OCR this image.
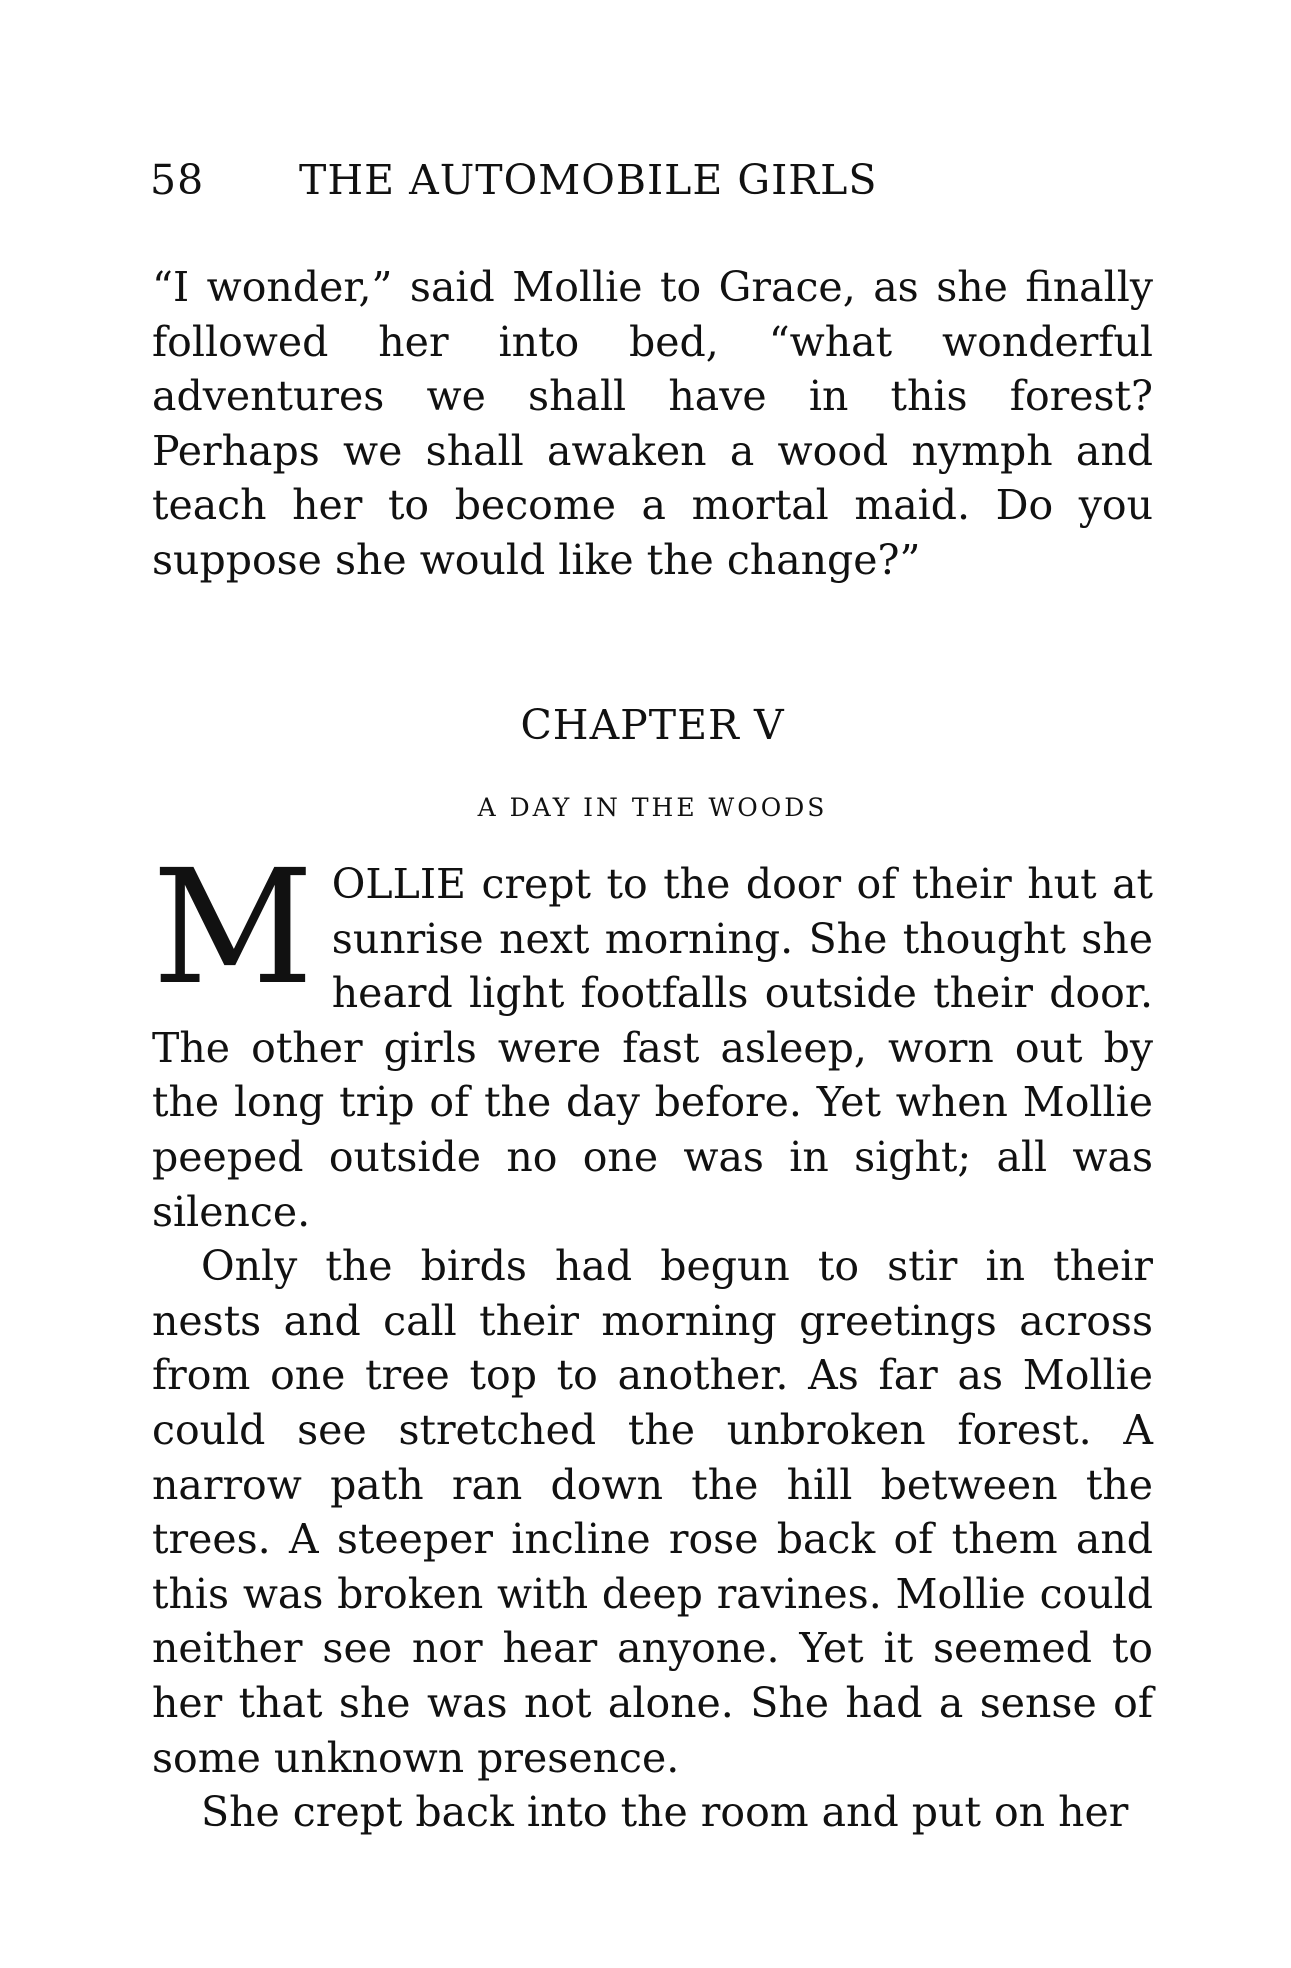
58 THE AUTOMOBILE GIRLS

“I wonder,” said Mollie to Grace, as she finally followed her into bed, “what wonderful adventures we shall have in this forest? Perhaps we shall awaken a wood nymph and teach her to become a mortal maid. Do you suppose she would like the change?”

CHAPTER V
A DAY IN THE WOODS

M OLLIE crept to the door of their hut at sunrise next morning. She thought she heard light footfalls outside their door. The other girls were fast asleep, worn out by the long trip of the day before. Yet when Mollie peeped outside no one was in sight; all was silence.

Only the birds had begun to stir in their nests and call their morning greetings across from one tree top to another. As far as Mollie could see stretched the unbroken forest. A narrow path ran down the hill between the trees. A steeper incline rose back of them and this was broken with deep ravines. Mollie could neither see nor hear anyone. Yet it seemed to her that she was not alone. She had a sense of some unknown presence.

She crept back into the room and put on her
